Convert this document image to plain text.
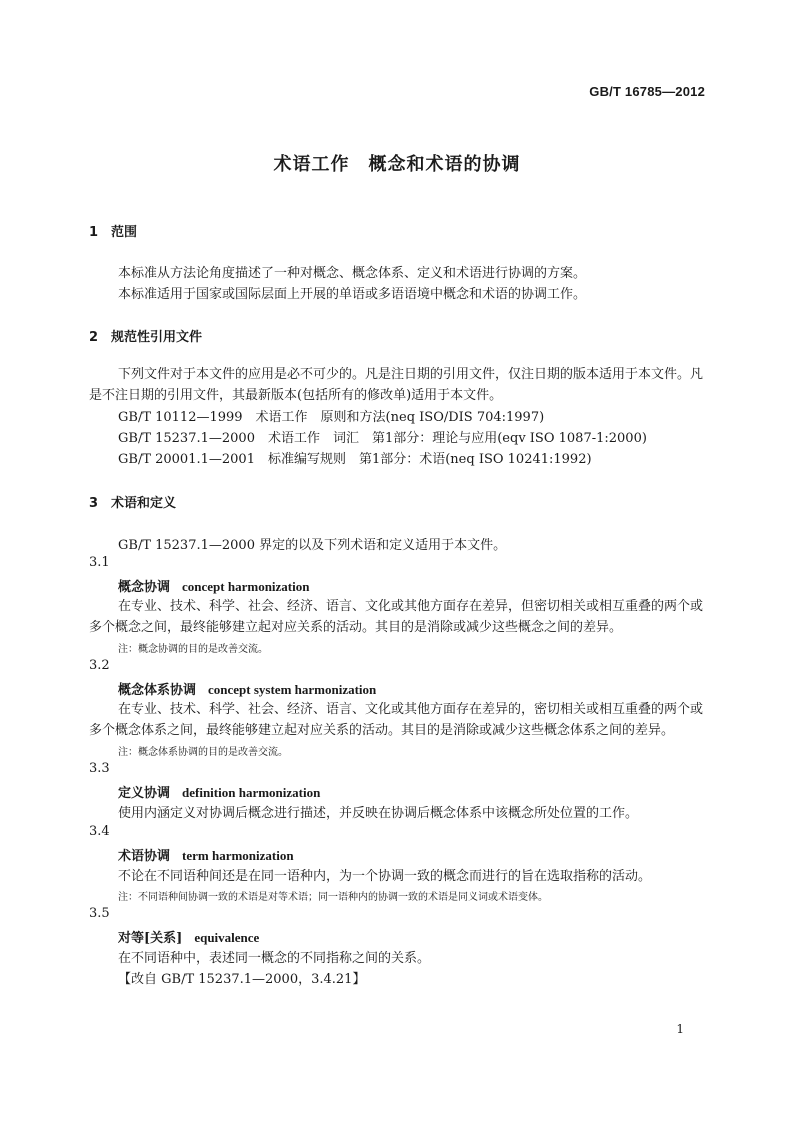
GB/T 16785—2012
术语工作　概念和术语的协调
1 范围
本标准从方法论角度描述了一种对概念、概念体系、定义和术语进行协调的方案。
本标准适用于国家或国际层面上开展的单语或多语语境中概念和术语的协调工作。
2 规范性引用文件
下列文件对于本文件的应用是必不可少的。凡是注日期的引用文件，仅注日期的版本适用于本文件。凡是不注日期的引用文件，其最新版本(包括所有的修改单)适用于本文件。
GB/T 10112—1999　术语工作　原则和方法(neq ISO/DIS 704:1997)
GB/T 15237.1—2000　术语工作　词汇　第1部分：理论与应用(eqv ISO 1087-1:2000)
GB/T 20001.1—2001　标准编写规则　第1部分：术语(neq ISO 10241:1992)
3 术语和定义
GB/T 15237.1—2000 界定的以及下列术语和定义适用于本文件。
3.1
概念协调 concept harmonization
在专业、技术、科学、社会、经济、语言、文化或其他方面存在差异，但密切相关或相互重叠的两个或多个概念之间，最终能够建立起对应关系的活动。其目的是消除或减少这些概念之间的差异。
注：概念协调的目的是改善交流。
3.2
概念体系协调 concept system harmonization
在专业、技术、科学、社会、经济、语言、文化或其他方面存在差异的，密切相关或相互重叠的两个或多个概念体系之间，最终能够建立起对应关系的活动。其目的是消除或减少这些概念体系之间的差异。
注：概念体系协调的目的是改善交流。
3.3
定义协调 definition harmonization
使用内涵定义对协调后概念进行描述，并反映在协调后概念体系中该概念所处位置的工作。
3.4
术语协调 term harmonization
不论在不同语种间还是在同一语种内，为一个协调一致的概念而进行的旨在选取指称的活动。
注：不同语种间协调一致的术语是对等术语；同一语种内的协调一致的术语是同义词或术语变体。
3.5
对等[关系] equivalence
在不同语种中，表述同一概念的不同指称之间的关系。
【改自 GB/T 15237.1—2000，3.4.21】
1
